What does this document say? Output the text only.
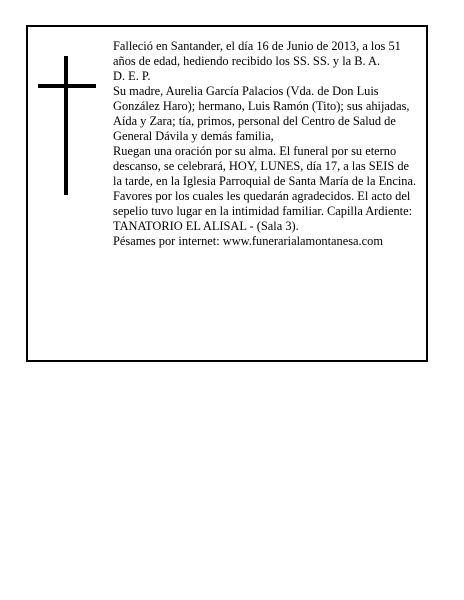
Falleció en Santander, el día 16 de Junio de 2013, a los 51 años de edad, hediendo recibido los SS. SS. y la B. A.

D. E. P.

Su madre, Aurelia García Palacios (Vda. de Don Luis González Haro); hermano, Luis Ramón (Tito); sus ahijadas, Aída y Zara; tía, primos, personal del Centro de Salud de General Dávila y demás familia,

Ruegan una oración por su alma. El funeral por su eterno descanso, se celebrará, HOY, LUNES, día 17, a las SEIS de la tarde, en la Iglesia Parroquial de Santa María de la Encina. Favores por los cuales les quedarán agradecidos. El acto del sepelio tuvo lugar en la intimidad familiar. Capilla Ardiente: TANATORIO EL ALISAL - (Sala 3).

Pésames por internet: www.funerarialamontanesa.com
